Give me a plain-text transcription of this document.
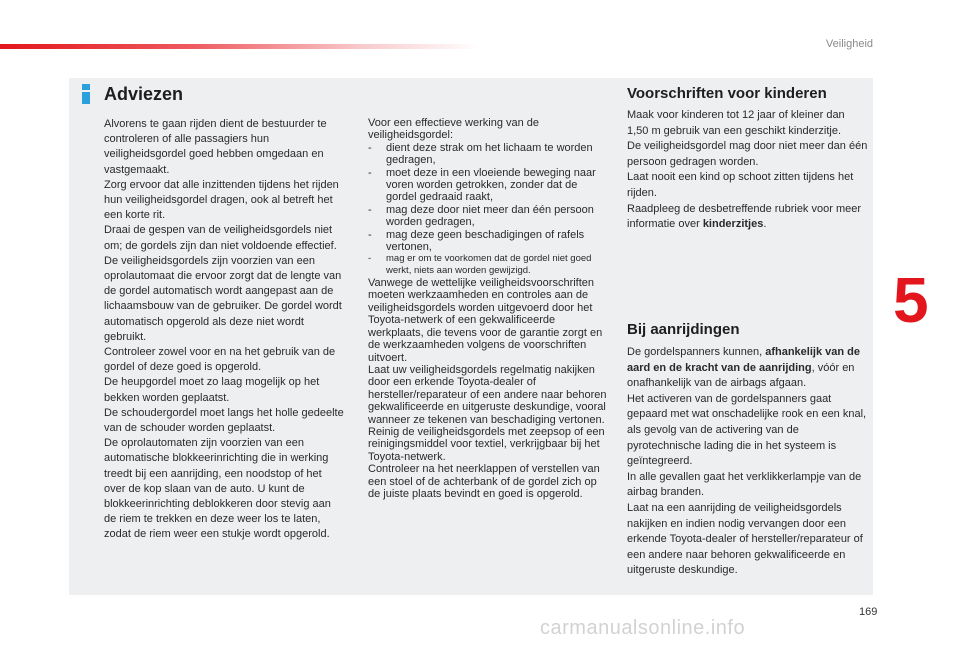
Veiligheid
5
Adviezen

Alvorens te gaan rijden dient de bestuurder te controleren of alle passagiers hun veiligheidsgordel goed hebben omgedaan en vastgemaakt.

Zorg ervoor dat alle inzittenden tijdens het rijden hun veiligheidsgordel dragen, ook al betreft het een korte rit.

Draai de gespen van de veiligheidsgordels niet om; de gordels zijn dan niet voldoende effectief.

De veiligheidsgordels zijn voorzien van een oprolautomaat die ervoor zorgt dat de lengte van de gordel automatisch wordt aangepast aan de lichaamsbouw van de gebruiker. De gordel wordt automatisch opgerold als deze niet wordt gebruikt.

Controleer zowel voor en na het gebruik van de gordel of deze goed is opgerold.

De heupgordel moet zo laag mogelijk op het bekken worden geplaatst.

De schoudergordel moet langs het holle gedeelte van de schouder worden geplaatst.

De oprolautomaten zijn voorzien van een automatische blokkeerinrichting die in werking treedt bij een aanrijding, een noodstop of het over de kop slaan van de auto. U kunt de blokkeerinrichting deblokkeren door stevig aan de riem te trekken en deze weer los te laten, zodat de riem weer een stukje wordt opgerold.

Voor een effectieve werking van de veiligheidsgordel:

- dient deze strak om het lichaam te worden gedragen,
- moet deze in een vloeiende beweging naar voren worden getrokken, zonder dat de gordel gedraaid raakt,
- mag deze door niet meer dan één persoon worden gedragen,
- mag deze geen beschadigingen of rafels vertonen,
- mag er om te voorkomen dat de gordel niet goed werkt, niets aan worden gewijzigd.

Vanwege de wettelijke veiligheidsvoorschriften moeten werkzaamheden en controles aan de veiligheidsgordels worden uitgevoerd door het Toyota-netwerk of een gekwalificeerde werkplaats, die tevens voor de garantie zorgt en de werkzaamheden volgens de voorschriften uitvoert.

Laat uw veiligheidsgordels regelmatig nakijken door een erkende Toyota-dealer of hersteller/reparateur of een andere naar behoren gekwalificeerde en uitgeruste deskundige, vooral wanneer ze tekenen van beschadiging vertonen.

Reinig de veiligheidsgordels met zeepsop of een reinigingsmiddel voor textiel, verkrijgbaar bij het Toyota-netwerk.

Controleer na het neerklappen of verstellen van een stoel of de achterbank of de gordel zich op de juiste plaats bevindt en goed is opgerold.

Voorschriften voor kinderen

Maak voor kinderen tot 12 jaar of kleiner dan 1,50 m gebruik van een geschikt kinderzitje.

De veiligheidsgordel mag door niet meer dan één persoon gedragen worden.

Laat nooit een kind op schoot zitten tijdens het rijden.

Raadpleeg de desbetreffende rubriek voor meer informatie over kinderzitjes.

Bij aanrijdingen

De gordelspanners kunnen, afhankelijk van de aard en de kracht van de aanrijding, vóór en onafhankelijk van de airbags afgaan.

Het activeren van de gordelspanners gaat gepaard met wat onschadelijke rook en een knal, als gevolg van de activering van de pyrotechnische lading die in het systeem is geïntegreerd.

In alle gevallen gaat het verklikkerlampje van de airbag branden.

Laat na een aanrijding de veiligheidsgordels nakijken en indien nodig vervangen door een erkende Toyota-dealer of hersteller/reparateur of een andere naar behoren gekwalificeerde en uitgeruste deskundige.

169
carmanualsonline.info
